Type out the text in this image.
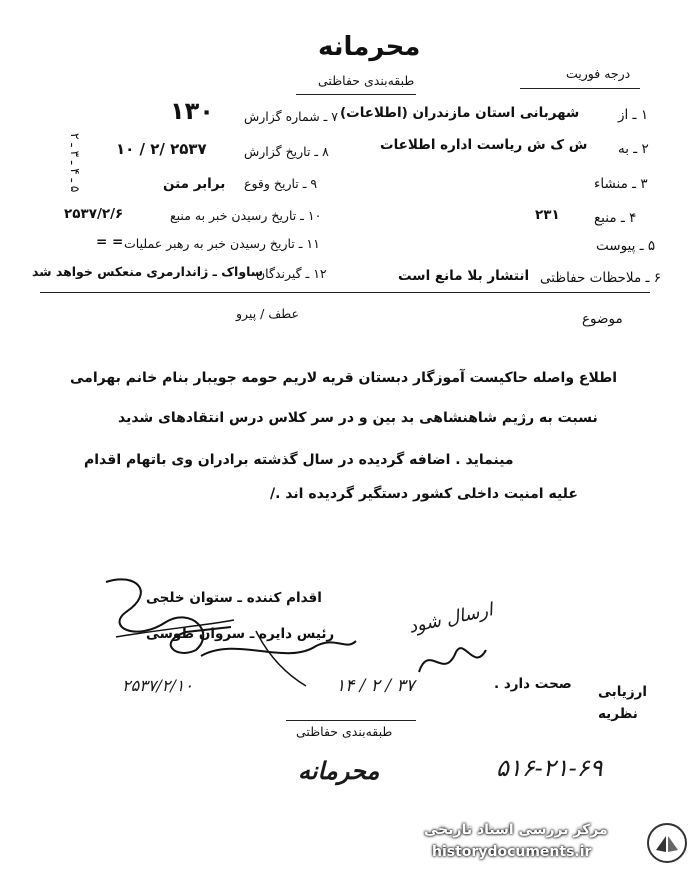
محرمانه
طبقه‌بندی حفاظتی	درجه فوریت
۱ ـ از
شهربانی استان مازندران (اطلاعات)
۲ ـ به
ش ک ش ریاست اداره اطلاعات
۳ ـ منشاء
۴ ـ منبع
۲۳۱
۵ ـ پیوست
۶ ـ ملاحظات حفاظتی
انتشار بلا مانع است
۷ ـ شماره گزارش
۱۳۰
۸ ـ تاریخ گزارش
۱۰ / ۲/ ۲۵۳۷
۹ ـ تاریخ وقوع
برابر متن
۱۰ ـ تاریخ رسیدن خبر به منبع
۲۵۳۷/۲/۶
۱۱ ـ تاریخ رسیدن خبر به رهبر عملیات
= =
۱۲ ـ گیرندگان
ساواک ـ ژاندارمری منعکس خواهد شد
۵ ـ ۴ ـ ۳ ـ ۲
موضوع
عطف / پیرو
اطلاع واصله حاکیست آموزگار دبستان قریه لاریم حومه جویبار بنام خانم بهرامی
نسبت به رژیم شاهنشاهی بد بین و در سر کلاس درس انتقادهای شدید
مینماید . اضافه گردیده در سال گذشته برادران وی باتهام اقدام
علیه امنیت داخلی کشور دستگیر گردیده اند ./
اقدام کننده ـ ستوان خلجی
رئیس دایره ـ سروان طوسی
۲۵۳۷/۲/۱۰
ارسال شود
۱۴ / ۲ / ۳۷	ارزیابی
صحت دارد .
نظریه
طبقه‌بندی حفاظتی
محرمانه	۵۱۶-۲۱-۶۹
مرکز بررسی اسناد تاریخی
historydocuments.ir
